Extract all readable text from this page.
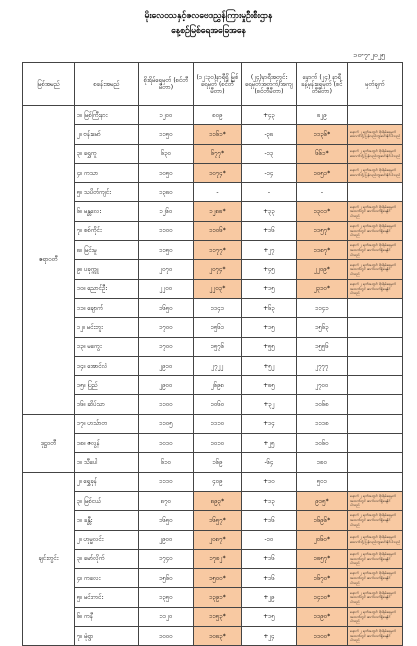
မိုးလေဝသနှင့်ဇလဗေဒညွှန်ကြားမှုဦးစီးဌာန
နေ့စဉ်မြစ်ရေအခြေအနေ
၁၀-၇-၂၀၂၅
မြစ်အမည်	စခန်းအမည်	စိုးရိမ်ရေမှတ် (စင်တီမီတာ)	(၁၂:၃၀)နာရီရှိ မြစ်ရေမှတ် (စင်တီမီတာ)	(၂၄)နာရီအတွင်း ရေမှတ်အတက်/အကျ (စင်တီမီတာ)	နောက် (၂၄) နာရီ ခန့်မှန်းရေမှတ် (စင်တီမီတာ)	မှတ်ချက်
ဧရာဝတီ	၁။ မြစ်ကြီးနား	၁၂၀၀	၈၀၉	+၄၃	၈၂၉	
	၂။ ဗန်းမော်	၁၁၅၀	၁၁၆၁*	-၃၈	၁၁၃၆*	နောက် ၂ ရက်အတွင်း စိုးရိမ်ရေမှတ်အောက်သို့ ပြန်လည်ကျဆင်းနိုင်ပါသည်
	၃။ ရွှေကူ	၆၃၀	၆၇၇*	-၁၃	၆၆၁*	နောက် ၂ ရက်အတွင်း စိုးရိမ်ရေမှတ်အောက်သို့ ပြန်လည်ကျဆင်းနိုင်ပါသည်
	၄။ ကသာ	၁၀၅၀	၁၀၇၄*	-၁၄	၁၀၅၁*	နောက် ၂ ရက်အတွင်း စိုးရိမ်ရေမှတ်အောက်သို့ ပြန်လည်ကျဆင်းနိုင်ပါသည်
	၅။ သပိတ်ကျင်း	၁၃၈၀	-	-	-	
	၆။ မန္တလေး	၁၂၆၀	၁၂၈၈*	+၃၃	၁၃၀၁*	နောက် ၂ ရက်အတွင်း စိုးရိမ်ရေမှတ်အထက်တွင် ဆက်လက်ရှိနေနိုင်ပါသည်
	၇။ စစ်ကိုင်း	၁၁၀၀	၁၁၀၆*	+၁၆	၁၁၅၇*	နောက် ၂ ရက်အတွင်း စိုးရိမ်ရေမှတ်အထက်တွင် ဆက်လက်ရှိနေနိုင်ပါသည်
	၈။ မြင်းမူ	၁၁၅၀	၁၁၇၇*	+၂၇	၁၁၈၇*	နောက် ၂ ရက်အတွင်း စိုးရိမ်ရေမှတ်အထက်တွင် ဆက်လက်ရှိနေနိုင်ပါသည်
	၉။ ပခုက္ကူ	၂၀၇၀	၂၀၇၄*	+၄၅	၂၂၀၉*	နောက် ၂ ရက်အတွင်း စိုးရိမ်ရေမှတ်အထက်တွင် ဆက်လက်ရှိနေနိုင်ပါသည်
	၁၀။ ညောင်ဦး	၂၂၀၀	၂၂၀၃*	+၁၅	၂၃၁၀*	နောက် ၂ ရက်အတွင်း စိုးရိမ်ရေမှတ်အထက်တွင် ဆက်လက်ရှိနေနိုင်ပါသည်
	၁၁။ ချောက်	၁၆၅၀	၁၁၄၁	+၆၃	၁၁၄၁	
	၁၂။ မင်းဘူး	၁၇၀၀	၁၅၆၁	+၁၅	၁၅၆၃	
	၁၃။ မကွေး	၁၇၀၀	၁၅၇၆	+၅၅	၁၅၅၆	
	၁၄။ အောင်လံ	၂၉၁၀	၂၇၂၂	+၅၂	၂၇၇၇	
	၁၅။ ပြည်	၂၉၀၀	၂၆၉၈	+၈၅	၂၇၀၀	
	၁၆။ ဆိပ်သာ	၁၁၀၀	၁၀၆၀	+၃၂	၁၀၆၈	
ဒုဋ္ဌဝတီ	၁၇။ ဟသ်ာတ	၁၁၀၅	၁၁၁၀	+၁၄	၁၁၁၈	
	၁၈။ ဇလွန်	၁၀၁၀	၁၀၁၀	+၂၅	၁၀၆၀	
	၁။ သီပေါ	၆၁၀	၁၆၉	-၆၄	၁၈၀	
ချင်းတွင်း	၂။ ရွှေခုန်	၁၁၁၀	၄၀၉	+၁၀	၅၀၁	
	၃။ မြစ်ငယ်	၈၇၀	၈၉၃*	+၁၃	၉၁၅*	နောက် ၂ ရက်အတွင်း စိုးရိမ်ရေမှတ်အထက်တွင် ဆက်လက်ရှိနေနိုင်ပါသည်
	၁။ ခန္တီး	၁၆၅၀	၁၆၅၇*	+၁၆	၁၆၉၆*	နောက် ၂ ရက်အတွင်း စိုးရိမ်ရေမှတ်အထက်တွင် ဆက်လက်ရှိနေနိုင်ပါသည်
	၂။ ဟုမ္မလင်း	၂၉၀၀	၂၀၈၇*	-၁၀	၂၀၆၀*	နောက် ၂ ရက်အတွင်း စိုးရိမ်ရေမှတ်အောက်သို့ ပြန်လည်ကျဆင်းနိုင်ပါသည်
	၃။ မော်လိုက်	၁၇၄၀	၁၇၈၂*	+၁၆	၁၈၅၇*	နောက် ၂ ရက်အတွင်း စိုးရိမ်ရေမှတ်အထက်တွင် ဆက်လက်ရှိနေနိုင်ပါသည်
	၄။ ကလေး	၁၅၆၀	၁၅၀၀*	+၁၆	၁၆၇၀*	နောက် ၂ ရက်အတွင်း စိုးရိမ်ရေမှတ်အထက်တွင် ဆက်လက်ရှိနေနိုင်ပါသည်
	၅။ မင်းကင်း	၁၃၅၀	၁၃၉၁*	+၂၉	၁၄၁၀*	နောက် ၂ ရက်အတွင်း စိုးရိမ်ရေမှတ်အထက်တွင် ဆက်လက်ရှိနေနိုင်ပါသည်
	၆။ ကနီ	၁၁၂၀	၁၁၅၃*	+၁၅	၁၁၉၀*	နောက် ၂ ရက်အတွင်း စိုးရိမ်ရေမှတ်အထက်တွင် ဆက်လက်ရှိနေနိုင်ပါသည်
	၇။ မုံရွာ	၁၀၀၀	၁၀၈၃*	+၂၄	၁၁၀၀*	နောက် ၂ ရက်အတွင်း စိုးရိမ်ရေမှတ်အထက်တွင် ဆက်လက်ရှိနေနိုင်ပါသည်
